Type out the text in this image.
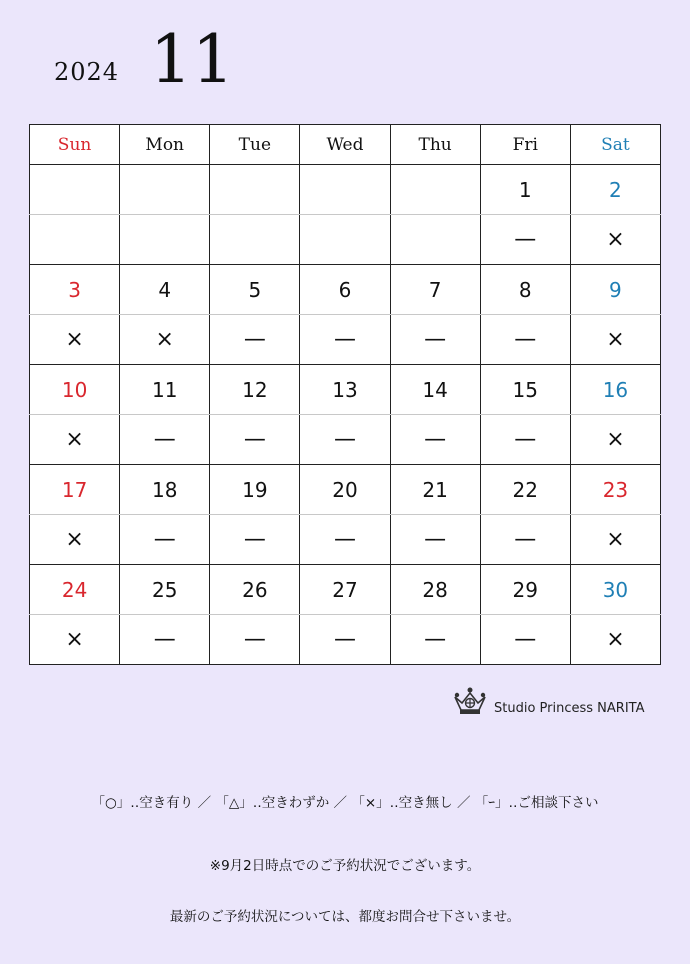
2024 11
Sun	Mon	Tue	Wed	Thu	Fri	Sat
					1	2
					—	×
3	4	5	6	7	8	9
×	×	—	—	—	—	×
10	11	12	13	14	15	16
×	—	—	—	—	—	×
17	18	19	20	21	22	23
×	—	—	—	—	—	×
24	25	26	27	28	29	30
×	—	—	—	—	—	×
Studio Princess NARITA
「○」‥空き有り ／ 「△」‥空きわずか ／ 「×」‥空き無し ／ 「ｰ」‥ご相談下さい
※9月2日時点でのご予約状況でございます。
最新のご予約状況については、都度お問合せ下さいませ。
